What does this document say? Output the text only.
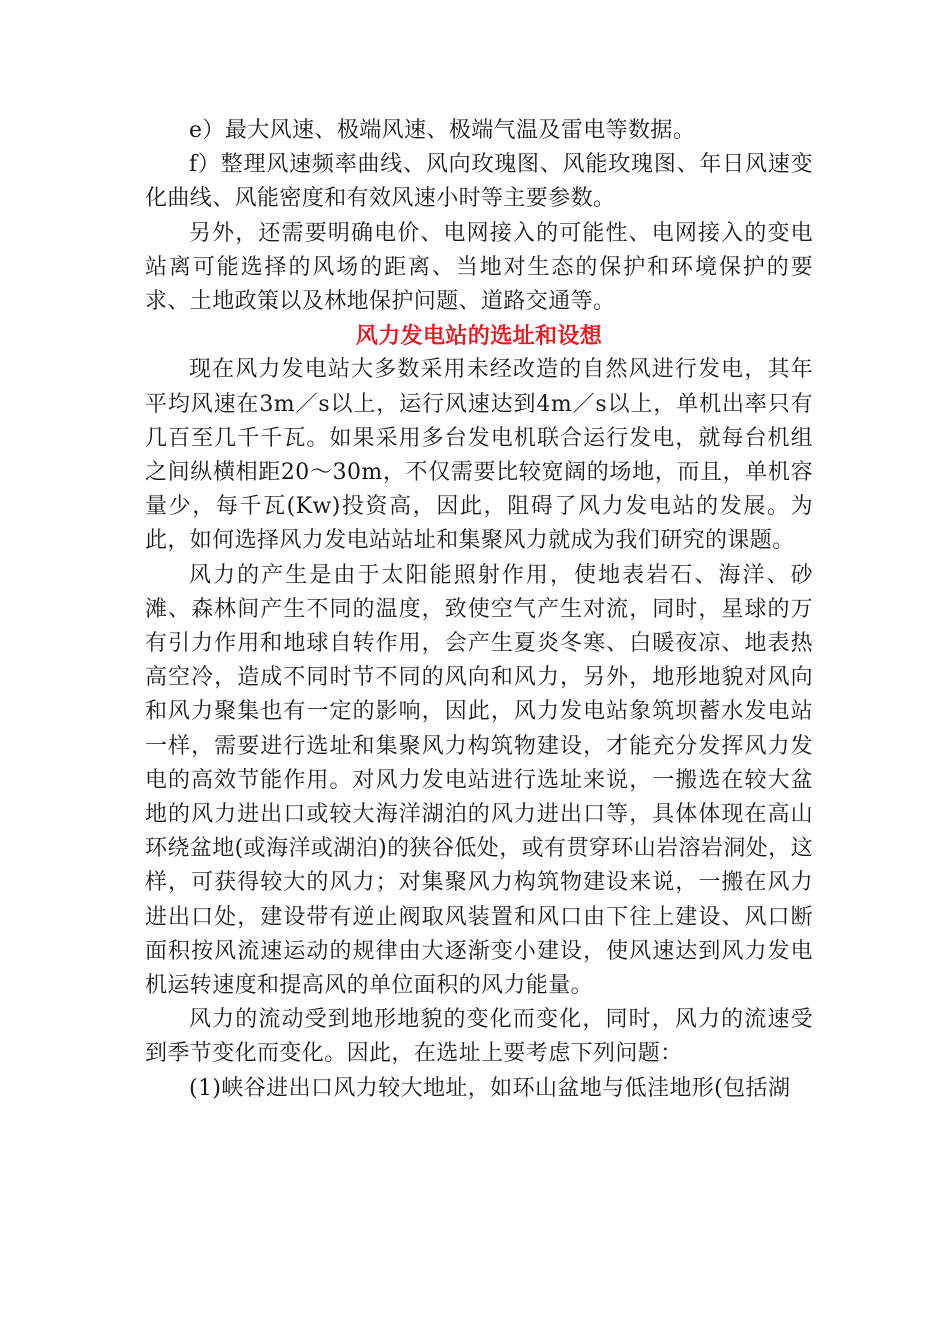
e）最大风速、极端风速、极端气温及雷电等数据。

f）整理风速频率曲线、风向玫瑰图、风能玫瑰图、年日风速变化曲线、风能密度和有效风速小时等主要参数。

另外，还需要明确电价、电网接入的可能性、电网接入的变电站离可能选择的风场的距离、当地对生态的保护和环境保护的要求、土地政策以及林地保护问题、道路交通等。

风力发电站的选址和设想

现在风力发电站大多数采用未经改造的自然风进行发电，其年平均风速在3m／s以上，运行风速达到4m／s以上，单机出率只有几百至几千千瓦。如果采用多台发电机联合运行发电，就每台机组之间纵横相距20～30m，不仅需要比较宽阔的场地，而且，单机容量少，每千瓦(Kw)投资高，因此，阻碍了风力发电站的发展。为此，如何选择风力发电站站址和集聚风力就成为我们研究的课题。

风力的产生是由于太阳能照射作用，使地表岩石、海洋、砂滩、森林间产生不同的温度，致使空气产生对流，同时，星球的万有引力作用和地球自转作用，会产生夏炎冬寒、白暖夜凉、地表热高空冷，造成不同时节不同的风向和风力，另外，地形地貌对风向和风力聚集也有一定的影响，因此，风力发电站象筑坝蓄水发电站一样，需要进行选址和集聚风力构筑物建设，才能充分发挥风力发电的高效节能作用。对风力发电站进行选址来说，一搬选在较大盆地的风力进出口或较大海洋湖泊的风力进出口等，具体体现在高山环绕盆地(或海洋或湖泊)的狭谷低处，或有贯穿环山岩溶岩洞处，这样，可获得较大的风力；对集聚风力构筑物建设来说，一搬在风力进出口处，建设带有逆止阀取风装置和风口由下往上建设、风口断面积按风流速运动的规律由大逐渐变小建设，使风速达到风力发电机运转速度和提高风的单位面积的风力能量。

风力的流动受到地形地貌的变化而变化，同时，风力的流速受到季节变化而变化。因此，在选址上要考虑下列问题：

(1)峡谷进出口风力较大地址，如环山盆地与低洼地形(包括湖
